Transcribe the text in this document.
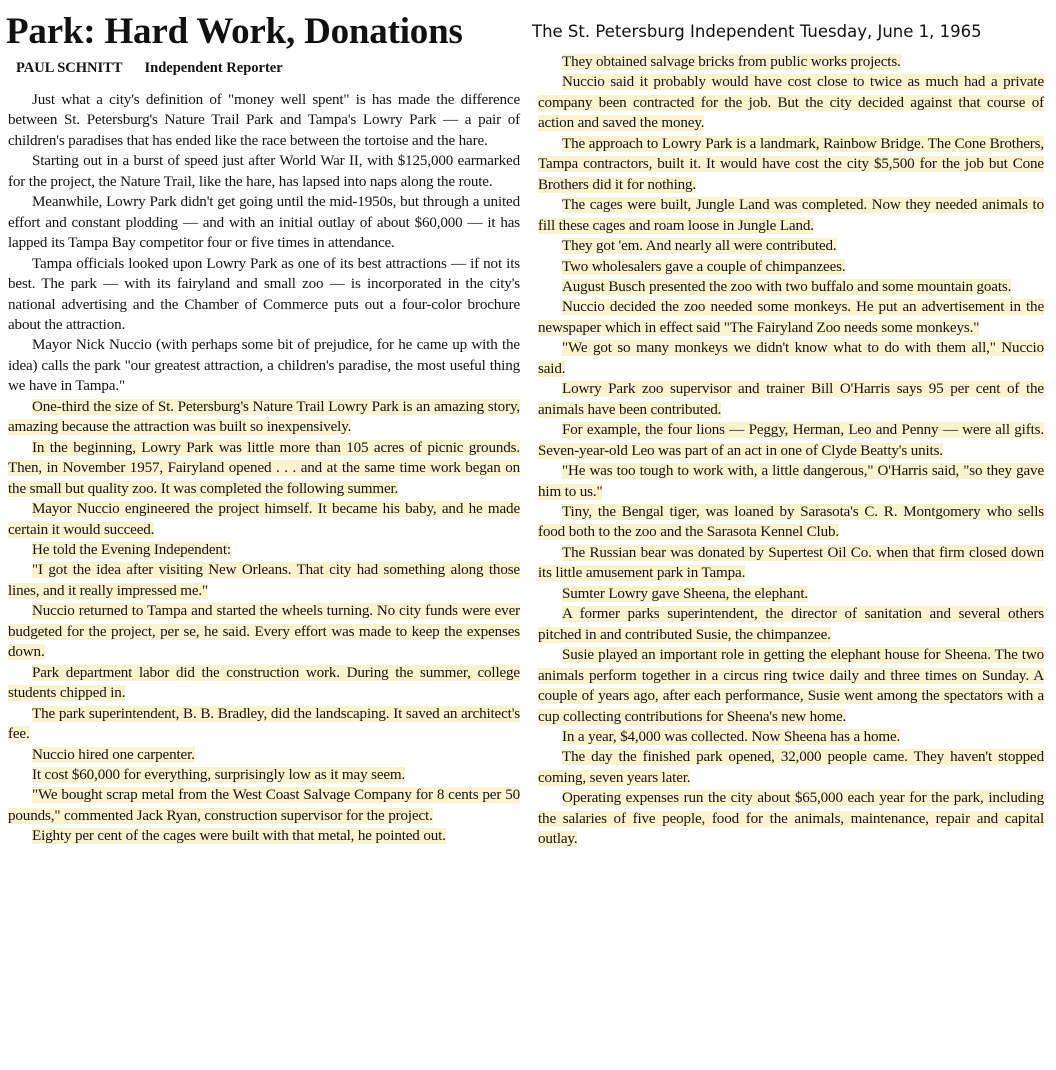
Park: Hard Work, Donations	The St. Petersburg Independent Tuesday, June 1, 1965
PAUL SCHNITT Independent Reporter

Just what a city's definition of "money well spent" is has made the difference between St. Petersburg's Nature Trail Park and Tampa's Lowry Park — a pair of children's paradises that has ended like the race between the tortoise and the hare.

Starting out in a burst of speed just after World War II, with $125,000 earmarked for the project, the Nature Trail, like the hare, has lapsed into naps along the route.

Meanwhile, Lowry Park didn't get going until the mid-1950s, but through a united effort and constant plodding — and with an initial outlay of about $60,000 — it has lapped its Tampa Bay competitor four or five times in attendance.

Tampa officials looked upon Lowry Park as one of its best attractions — if not its best. The park — with its fairyland and small zoo — is incorporated in the city's national advertising and the Chamber of Commerce puts out a four-color brochure about the attraction.

Mayor Nick Nuccio (with perhaps some bit of prejudice, for he came up with the idea) calls the park "our greatest attraction, a children's paradise, the most useful thing we have in Tampa."

One-third the size of St. Petersburg's Nature Trail Lowry Park is an amazing story, amazing because the attraction was built so inexpensively.

In the beginning, Lowry Park was little more than 105 acres of picnic grounds. Then, in November 1957, Fairyland opened . . . and at the same time work began on the small but quality zoo. It was completed the following summer.

Mayor Nuccio engineered the project himself. It became his baby, and he made certain it would succeed.

He told the Evening Independent:

"I got the idea after visiting New Orleans. That city had something along those lines, and it really impressed me."

Nuccio returned to Tampa and started the wheels turning. No city funds were ever budgeted for the project, per se, he said. Every effort was made to keep the expenses down.

Park department labor did the construction work. During the summer, college students chipped in.

The park superintendent, B. B. Bradley, did the landscaping. It saved an architect's fee.

Nuccio hired one carpenter.

It cost $60,000 for everything, surprisingly low as it may seem.

"We bought scrap metal from the West Coast Salvage Company for 8 cents per 50 pounds," commented Jack Ryan, construction supervisor for the project.

Eighty per cent of the cages were built with that metal, he pointed out.

They obtained salvage bricks from public works projects.

Nuccio said it probably would have cost close to twice as much had a private company been contracted for the job. But the city decided against that course of action and saved the money.

The approach to Lowry Park is a landmark, Rainbow Bridge. The Cone Brothers, Tampa contractors, built it. It would have cost the city $5,500 for the job but Cone Brothers did it for nothing.

The cages were built, Jungle Land was completed. Now they needed animals to fill these cages and roam loose in Jungle Land.

They got 'em. And nearly all were contributed.

Two wholesalers gave a couple of chimpanzees.

August Busch presented the zoo with two buffalo and some mountain goats.

Nuccio decided the zoo needed some monkeys. He put an advertisement in the newspaper which in effect said "The Fairyland Zoo needs some monkeys."

"We got so many monkeys we didn't know what to do with them all," Nuccio said.

Lowry Park zoo supervisor and trainer Bill O'Harris says 95 per cent of the animals have been contributed.

For example, the four lions — Peggy, Herman, Leo and Penny — were all gifts. Seven-year-old Leo was part of an act in one of Clyde Beatty's units.

"He was too tough to work with, a little dangerous," O'Harris said, "so they gave him to us."

Tiny, the Bengal tiger, was loaned by Sarasota's C. R. Montgomery who sells food both to the zoo and the Sarasota Kennel Club.

The Russian bear was donated by Supertest Oil Co. when that firm closed down its little amusement park in Tampa.

Sumter Lowry gave Sheena, the elephant.

A former parks superintendent, the director of sanitation and several others pitched in and contributed Susie, the chimpanzee.

Susie played an important role in getting the elephant house for Sheena. The two animals perform together in a circus ring twice daily and three times on Sunday. A couple of years ago, after each performance, Susie went among the spectators with a cup collecting contributions for Sheena's new home.

In a year, $4,000 was collected. Now Sheena has a home.

The day the finished park opened, 32,000 people came. They haven't stopped coming, seven years later.

Operating expenses run the city about $65,000 each year for the park, including the salaries of five people, food for the animals, maintenance, repair and capital outlay.
